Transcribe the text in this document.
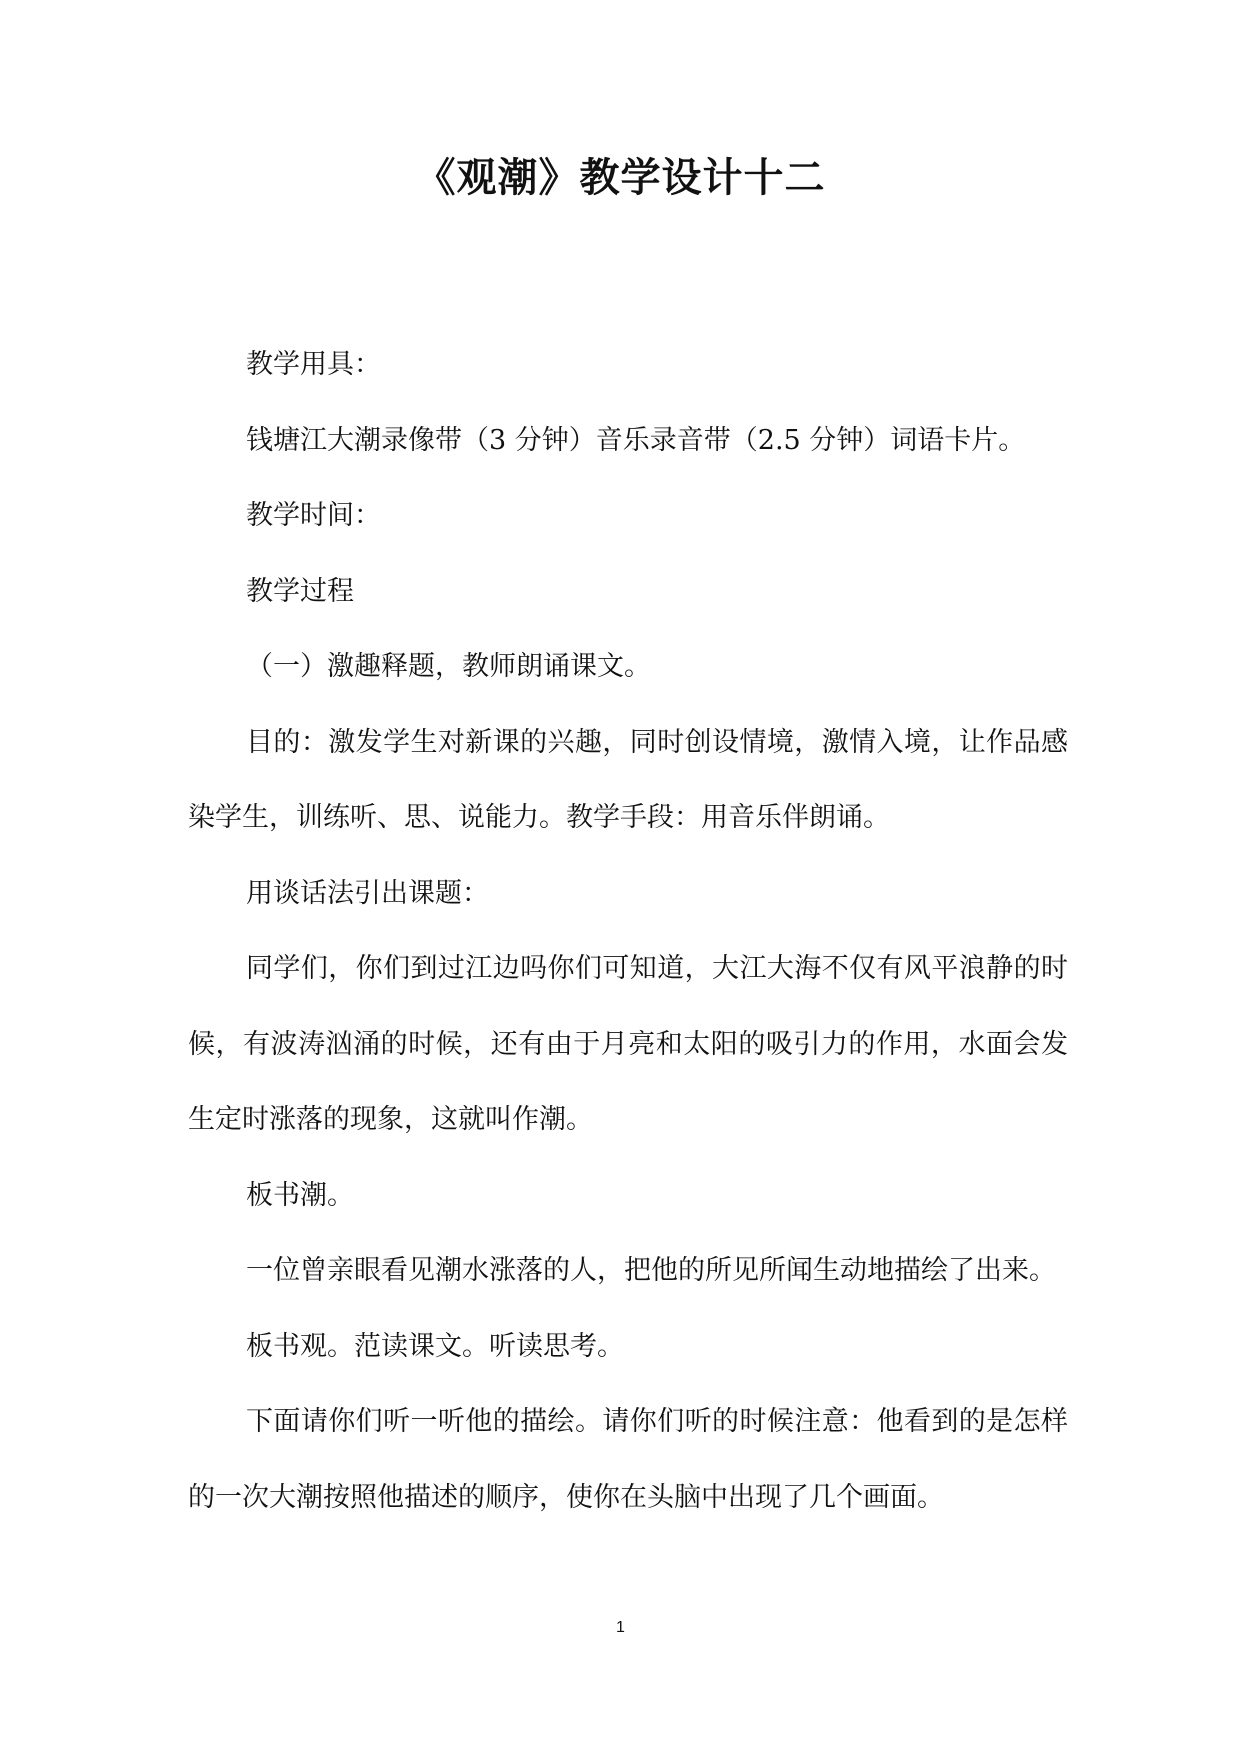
《观潮》教学设计十二

教学用具：

钱塘江大潮录像带（3 分钟）音乐录音带（2.5 分钟）词语卡片。

教学时间：

教学过程

（一）激趣释题，教师朗诵课文。

目的：激发学生对新课的兴趣，同时创设情境，激情入境，让作品感染学生，训练听、思、说能力。教学手段：用音乐伴朗诵。

用谈话法引出课题：

同学们，你们到过江边吗你们可知道，大江大海不仅有风平浪静的时候，有波涛汹涌的时候，还有由于月亮和太阳的吸引力的作用，水面会发生定时涨落的现象，这就叫作潮。

板书潮。

一位曾亲眼看见潮水涨落的人，把他的所见所闻生动地描绘了出来。

板书观。范读课文。听读思考。

下面请你们听一听他的描绘。请你们听的时候注意：他看到的是怎样的一次大潮按照他描述的顺序，使你在头脑中出现了几个画面。

1
